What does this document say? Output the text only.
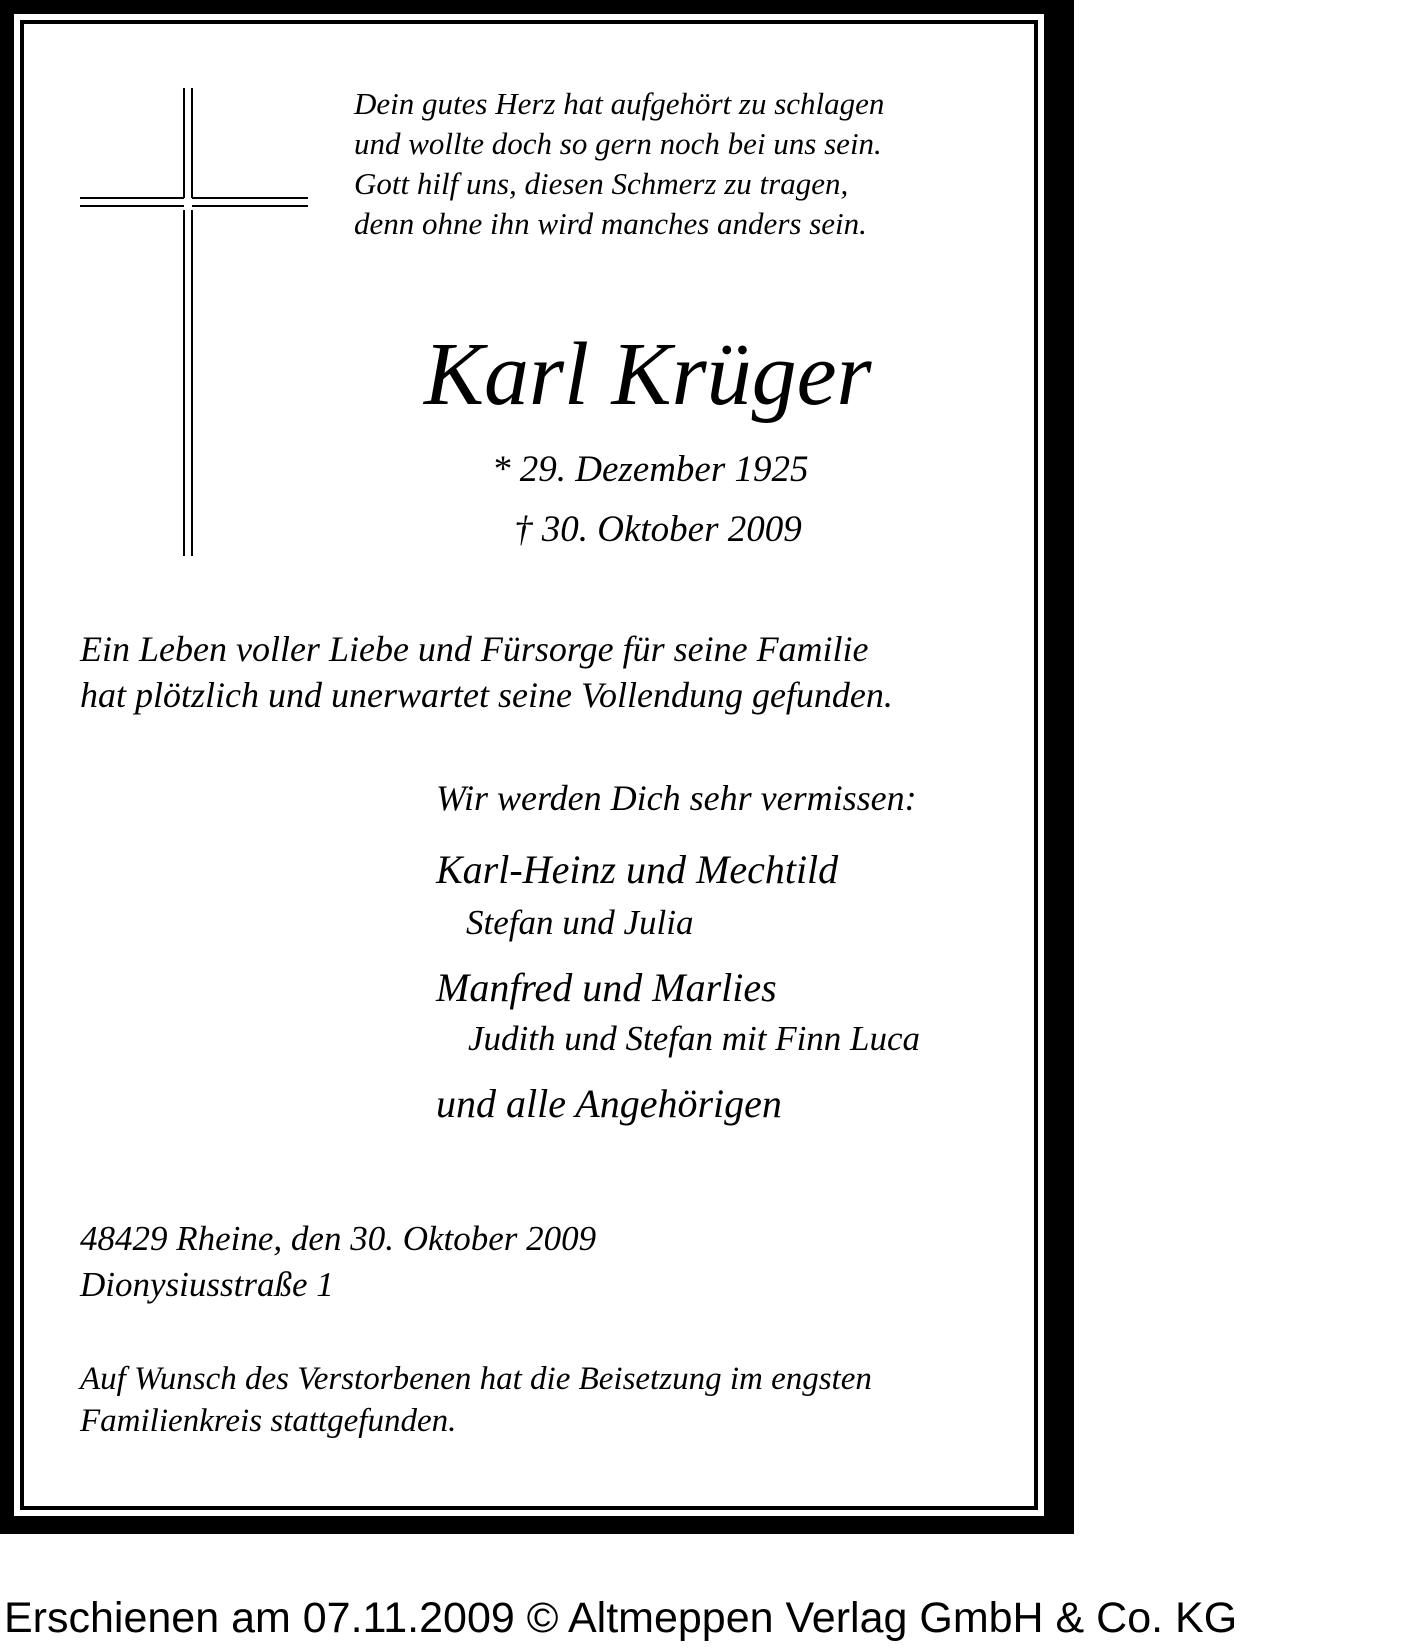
Dein gutes Herz hat aufgehört zu schlagen
und wollte doch so gern noch bei uns sein.
Gott hilf uns, diesen Schmerz zu tragen,
denn ohne ihn wird manches anders sein.
Karl Krüger
* 29. Dezember 1925
† 30. Oktober 2009
Ein Leben voller Liebe und Fürsorge für seine Familie
hat plötzlich und unerwartet seine Vollendung gefunden.
Wir werden Dich sehr vermissen:
Karl-Heinz und Mechtild
Stefan und Julia
Manfred und Marlies
Judith und Stefan mit Finn Luca
und alle Angehörigen
48429 Rheine, den 30. Oktober 2009
Dionysiusstraße 1
Auf Wunsch des Verstorbenen hat die Beisetzung im engsten
Familienkreis stattgefunden.
Erschienen am 07.11.2009 © Altmeppen Verlag GmbH & Co. KG
